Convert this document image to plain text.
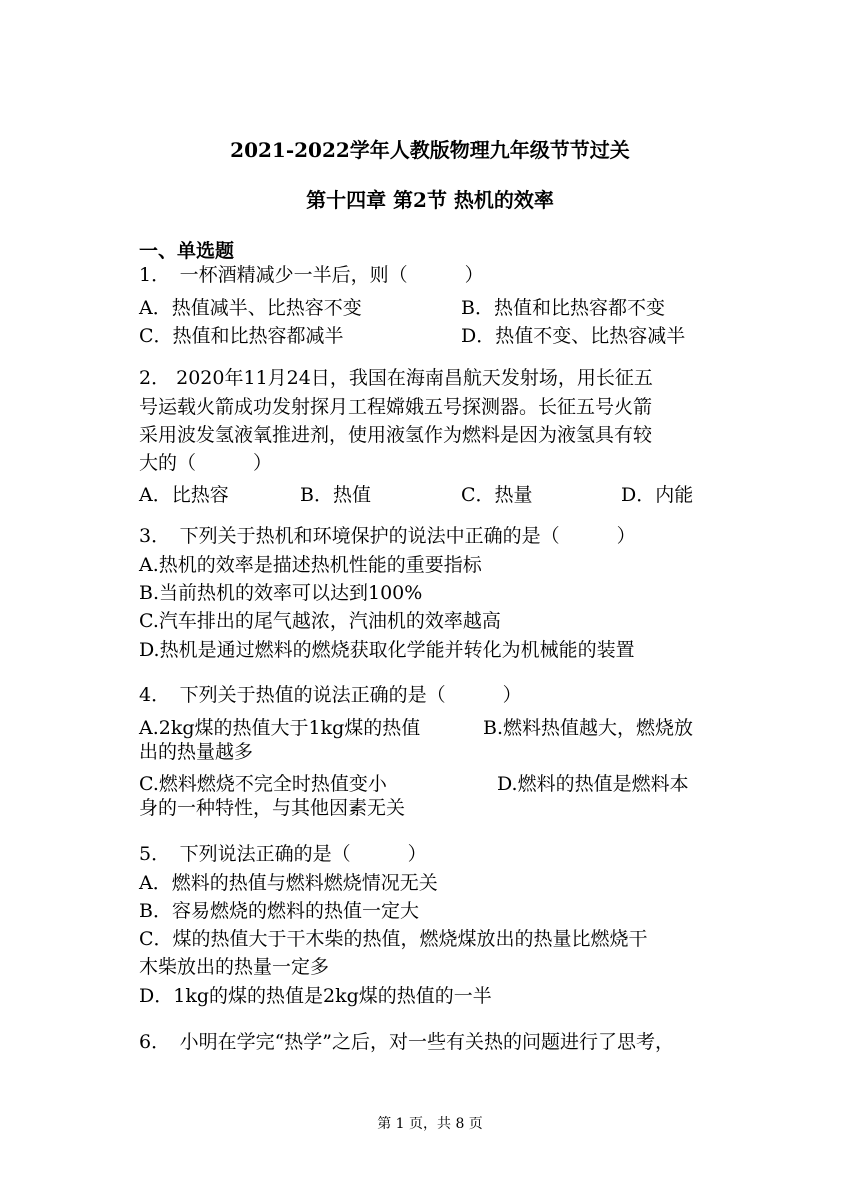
2021-2022学年人教版物理九年级节节过关
第十四章 第2节 热机的效率
一、单选题
1．　一杯酒精减少一半后，则（　　　）
A．热值减半、比热容不变	B．热值和比热容都不变
C．热值和比热容都减半	D．热值不变、比热容减半
2． 2020年11月24日，我国在海南昌航天发射场，用长征五
号运载火箭成功发射探月工程嫦娥五号探测器。长征五号火箭
采用波发氢液氧推进剂，使用液氢作为燃料是因为液氢具有较
大的（　　　）
A．比热容	B．热值	C．热量	D．内能
3．　下列关于热机和环境保护的说法中正确的是（　　　）
A.热机的效率是描述热机性能的重要指标
B.当前热机的效率可以达到100%
C.汽车排出的尾气越浓，汽油机的效率越高
D.热机是通过燃料的燃烧获取化学能并转化为机械能的装置
4．　下列关于热值的说法正确的是（　　　）
A.2kg煤的热值大于1kg煤的热值	B.燃料热值越大，燃烧放
出的热量越多
C.燃料燃烧不完全时热值变小	D.燃料的热值是燃料本
身的一种特性，与其他因素无关
5．　下列说法正确的是（　　　）
A．燃料的热值与燃料燃烧情况无关
B．容易燃烧的燃料的热值一定大
C．煤的热值大于干木柴的热值，燃烧煤放出的热量比燃烧干
木柴放出的热量一定多
D．1kg的煤的热值是2kg煤的热值的一半
6．　小明在学完“热学”之后，对一些有关热的问题进行了思考，
第 1 页，共 8 页
